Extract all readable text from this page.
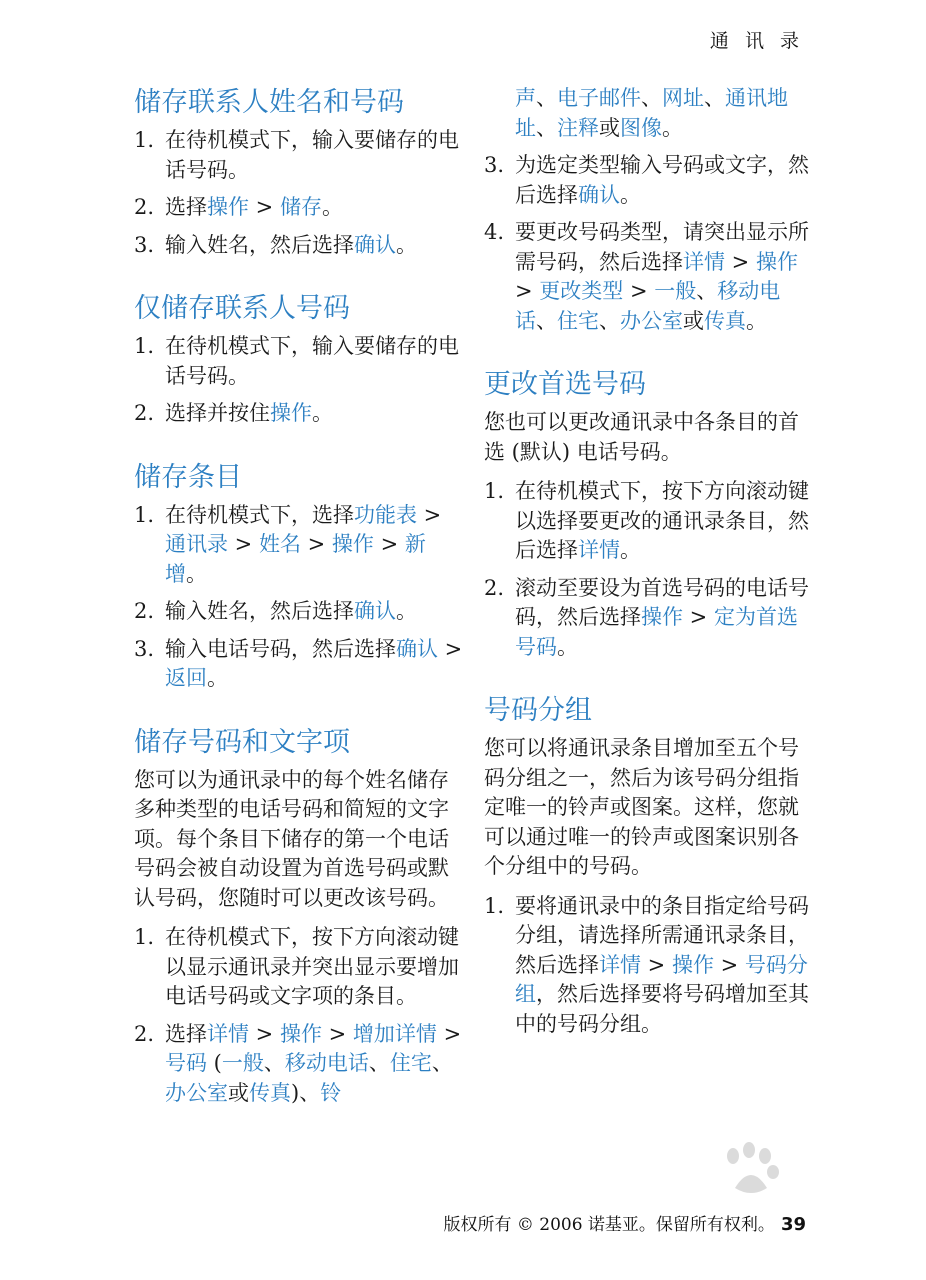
通 讯 录
储存联系人姓名和号码
1. 在待机模式下，输入要储存的电话号码。
2. 选择操作 > 储存。
3. 输入姓名，然后选择确认。
仅储存联系人号码
1. 在待机模式下，输入要储存的电话号码。
2. 选择并按住操作。
储存条目
1. 在待机模式下，选择功能表 > 通讯录 > 姓名 > 操作 > 新增。
2. 输入姓名，然后选择确认。
3. 输入电话号码，然后选择确认 > 返回。
储存号码和文字项
您可以为通讯录中的每个姓名储存多种类型的电话号码和简短的文字项。每个条目下储存的第一个电话号码会被自动设置为首选号码或默认号码，您随时可以更改该号码。
1. 在待机模式下，按下方向滚动键以显示通讯录并突出显示要增加电话号码或文字项的条目。
2. 选择详情 > 操作 > 增加详情 > 号码 (一般、移动电话、住宅、办公室或传真)、铃
声、电子邮件、网址、通讯地址、注释或图像。
3. 为选定类型输入号码或文字，然后选择确认。
4. 要更改号码类型，请突出显示所需号码，然后选择详情 > 操作 > 更改类型 > 一般、移动电话、住宅、办公室或传真。
更改首选号码
您也可以更改通讯录中各条目的首选 (默认) 电话号码。
1. 在待机模式下，按下方向滚动键以选择要更改的通讯录条目，然后选择详情。
2. 滚动至要设为首选号码的电话号码，然后选择操作 > 定为首选号码。
号码分组
您可以将通讯录条目增加至五个号码分组之一，然后为该号码分组指定唯一的铃声或图案。这样，您就可以通过唯一的铃声或图案识别各个分组中的号码。
1. 要将通讯录中的条目指定给号码分组，请选择所需通讯录条目，然后选择详情 > 操作 > 号码分组，然后选择要将号码增加至其中的号码分组。
版权所有 © 2006 诺基亚。保留所有权利。 39
